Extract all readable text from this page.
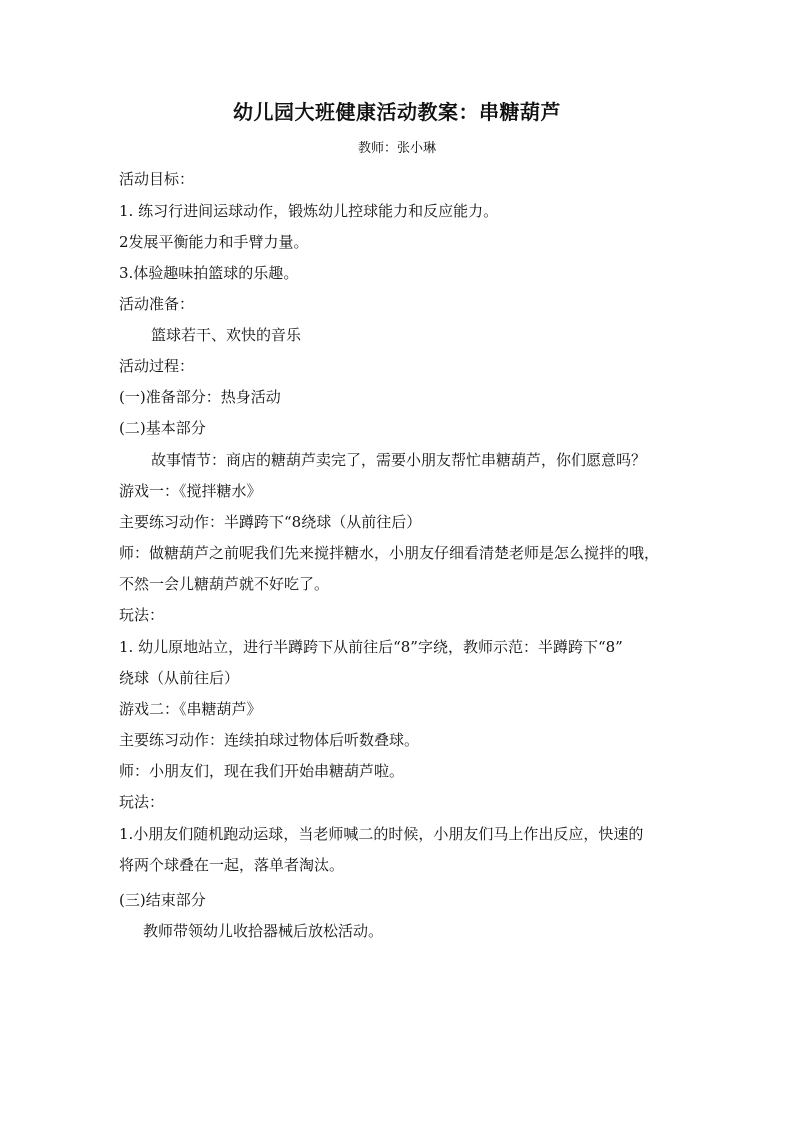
幼儿园大班健康活动教案：串糖葫芦
教师：张小琳
活动目标：
1. 练习行进间运球动作，锻炼幼儿控球能力和反应能力。
2发展平衡能力和手臂力量。
3.体验趣味拍篮球的乐趣。
活动准备：
篮球若干、欢快的音乐
活动过程：
(一)准备部分：热身活动
(二)基本部分
故事情节：商店的糖葫芦卖完了，需要小朋友帮忙串糖葫芦，你们愿意吗？
游戏一：《搅拌糖水》
主要练习动作：半蹲跨下“8绕球（从前往后）
师：做糖葫芦之前呢我们先来搅拌糖水，小朋友仔细看清楚老师是怎么搅拌的哦，
不然一会儿糖葫芦就不好吃了。
玩法：
1. 幼儿原地站立，进行半蹲跨下从前往后“8”字绕，教师示范：半蹲跨下“8”
绕球（从前往后）
游戏二：《串糖葫芦》
主要练习动作：连续拍球过物体后听数叠球。
师：小朋友们，现在我们开始串糖葫芦啦。
玩法：
1.小朋友们随机跑动运球，当老师喊二的时候，小朋友们马上作出反应，快速的
将两个球叠在一起，落单者淘汰。
(三)结束部分
教师带领幼儿收拾器械后放松活动。
